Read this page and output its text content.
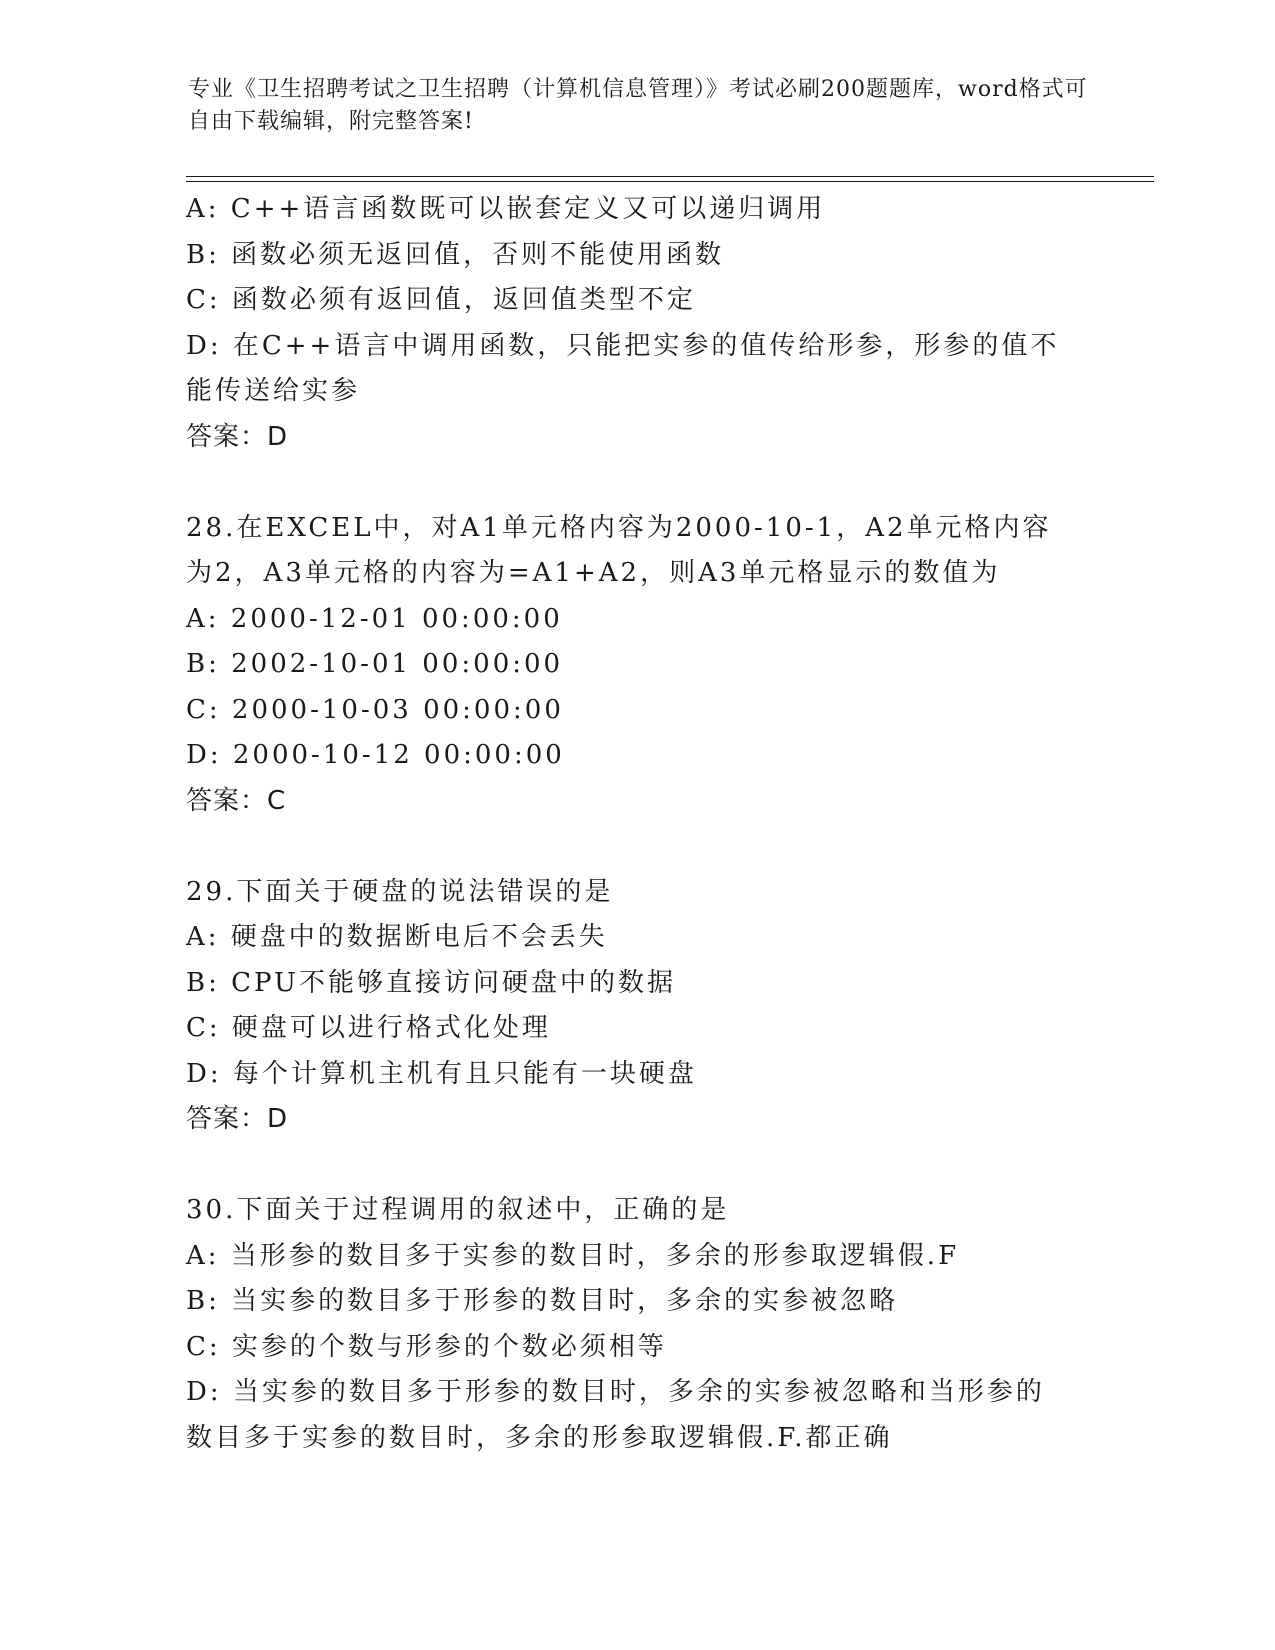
专业《卫生招聘考试之卫生招聘（计算机信息管理）》考试必刷200题题库，word格式可自由下载编辑，附完整答案!
A: C++语言函数既可以嵌套定义又可以递归调用
B: 函数必须无返回值，否则不能使用函数
C: 函数必须有返回值，返回值类型不定
D: 在C++语言中调用函数，只能把实参的值传给形参，形参的值不能传送给实参
答案：D
28.在EXCEL中，对A1单元格内容为2000-10-1，A2单元格内容为2，A3单元格的内容为=A1+A2，则A3单元格显示的数值为
A: 2000-12-01 00:00:00
B: 2002-10-01 00:00:00
C: 2000-10-03 00:00:00
D: 2000-10-12 00:00:00
答案：C
29.下面关于硬盘的说法错误的是
A: 硬盘中的数据断电后不会丢失
B: CPU不能够直接访问硬盘中的数据
C: 硬盘可以进行格式化处理
D: 每个计算机主机有且只能有一块硬盘
答案：D
30.下面关于过程调用的叙述中，正确的是
A: 当形参的数目多于实参的数目时，多余的形参取逻辑假.F
B: 当实参的数目多于形参的数目时，多余的实参被忽略
C: 实参的个数与形参的个数必须相等
D: 当实参的数目多于形参的数目时，多余的实参被忽略和当形参的数目多于实参的数目时，多余的形参取逻辑假.F.都正确
